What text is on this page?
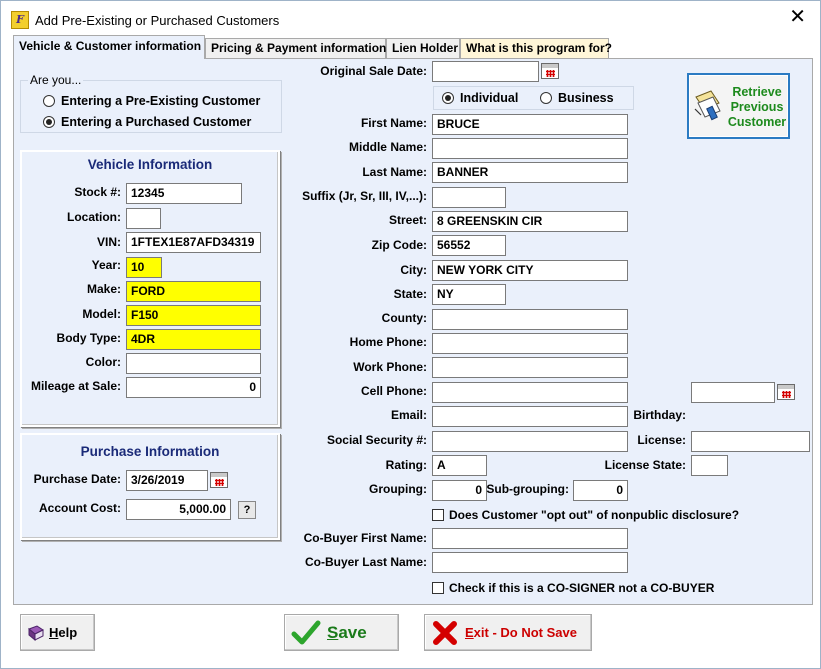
F Add Pre-Existing or Purchased Customers	✕
Vehicle & Customer information Pricing & Payment information Lien Holder What is this program for?
Are you...
Entering a Pre-Existing Customer
Entering a Purchased Customer
Vehicle Information
Stock #: 12345
Location:
VIN: 1FTEX1E87AFD34319
Year: 10
Make: FORD
Model: F150
Body Type: 4DR
Color:
Mileage at Sale:	0
Purchase Information
Purchase Date: 3/26/2019
Account Cost:	5,000.00	?
Original Sale Date:
Individual	Business
First Name: BRUCE
Middle Name:
Last Name: BANNER
Suffix (Jr, Sr, III, IV,...):
Street: 8 GREENSKIN CIR
Zip Code: 56552
City: NEW YORK CITY
State: NY
County:
Home Phone:
Work Phone:
Cell Phone:
Email:	Birthday:
Social Security #:	License:
Rating: A	License State:
Grouping:	0 Sub-grouping:	0
Does Customer "opt out" of nonpublic disclosure?
Co-Buyer First Name:
Co-Buyer Last Name:
Check if this is a CO-SIGNER not a CO-BUYER
Retrieve
Previous
Customer
Help	Save	Exit - Do Not Save
